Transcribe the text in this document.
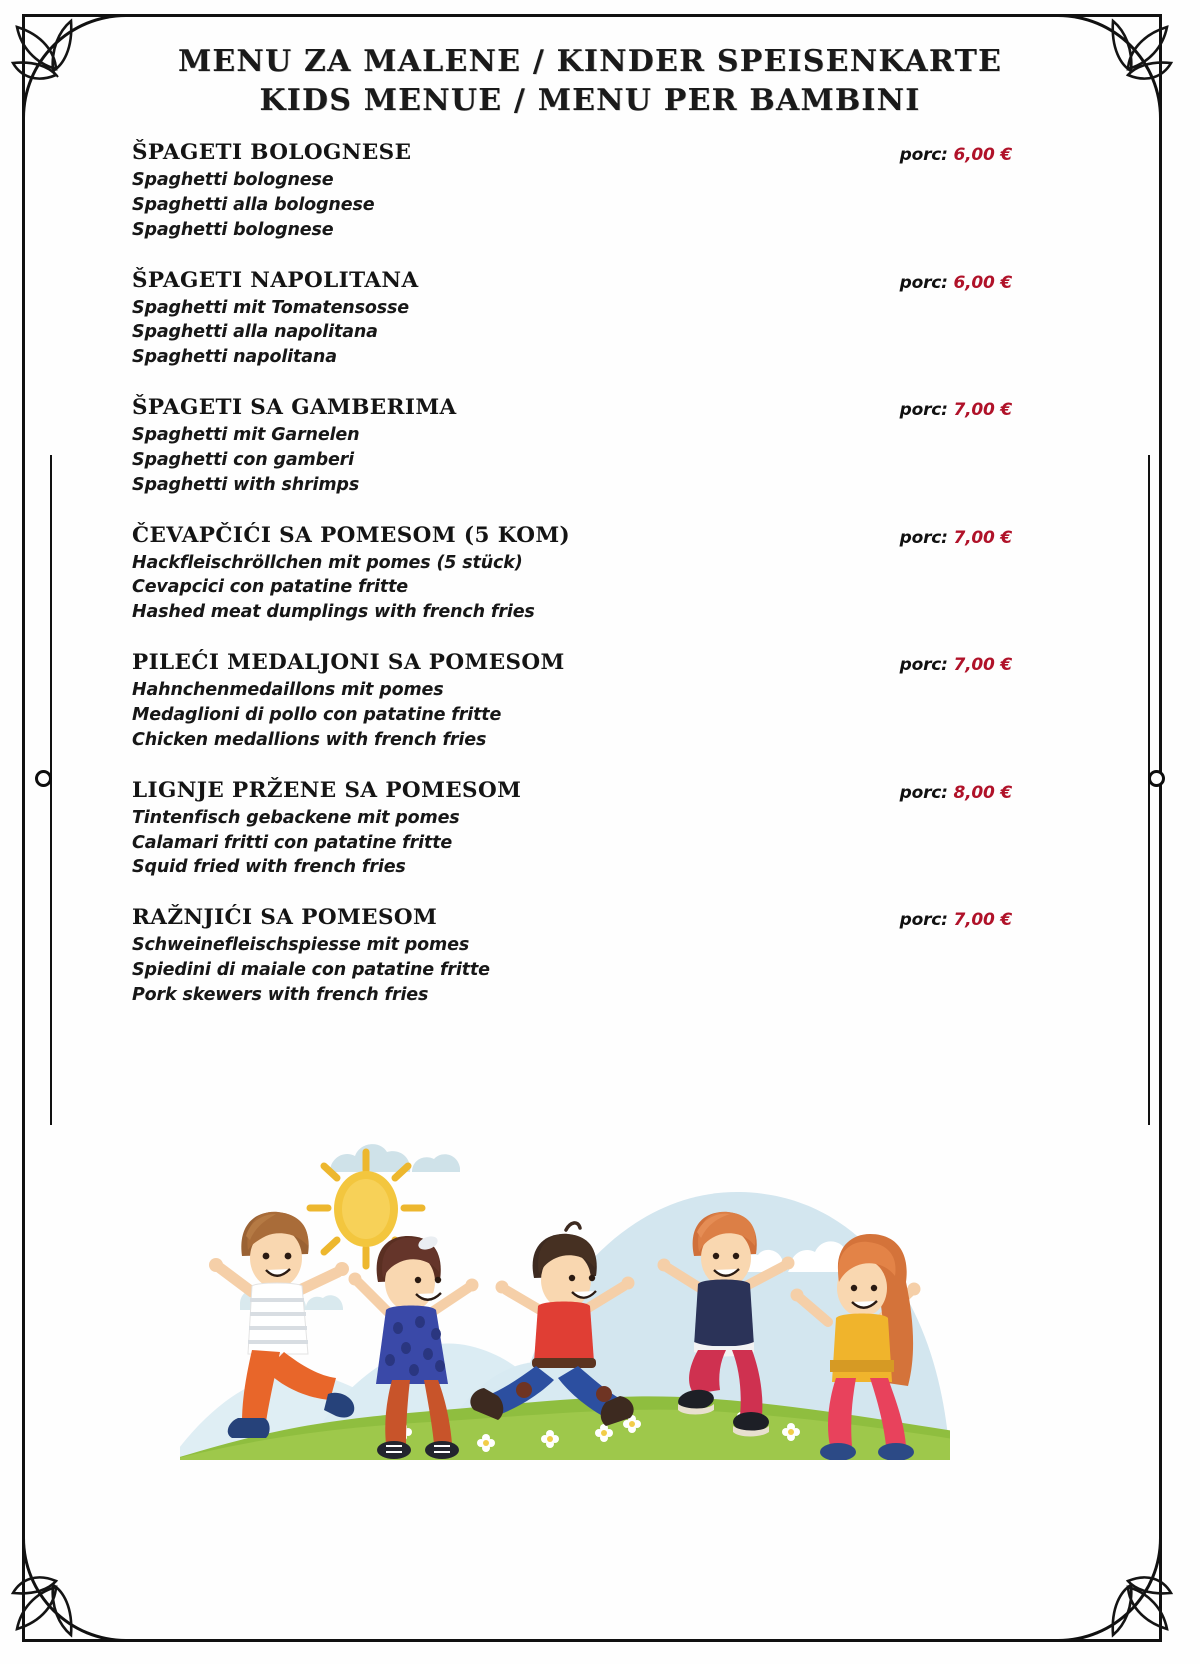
MENU ZA MALENE / KINDER SPEISENKARTE
KIDS MENUE / MENU PER BAMBINI
ŠPAGETI BOLOGNESE	porc: 6,00 €
Spaghetti bolognese
Spaghetti alla bolognese
Spaghetti bolognese
ŠPAGETI NAPOLITANA	porc: 6,00 €
Spaghetti mit Tomatensosse
Spaghetti alla napolitana
Spaghetti napolitana
ŠPAGETI SA GAMBERIMA	porc: 7,00 €
Spaghetti mit Garnelen
Spaghetti con gamberi
Spaghetti with shrimps
ČEVAPČIĆI SA POMESOM (5 KOM)	porc: 7,00 €
Hackfleischröllchen mit pomes (5 stück)
Cevapcici con patatine fritte
Hashed meat dumplings with french fries
PILEĆI MEDALJONI SA POMESOM	porc: 7,00 €
Hahnchenmedaillons mit pomes
Medaglioni di pollo con patatine fritte
Chicken medallions with french fries
LIGNJE PRŽENE SA POMESOM	porc: 8,00 €
Tintenfisch gebackene mit pomes
Calamari fritti con patatine fritte
Squid fried with french fries
RAŽNJIĆI SA POMESOM	porc: 7,00 €
Schweinefleischspiesse mit pomes
Spiedini di maiale con patatine fritte
Pork skewers with french fries
